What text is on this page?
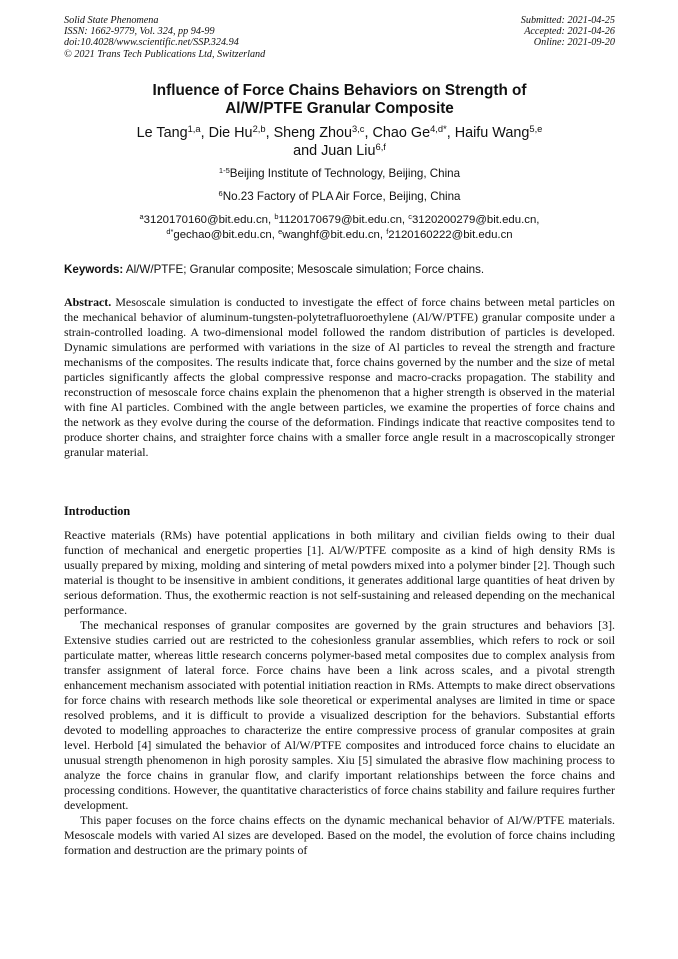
Solid State Phenomena
ISSN: 1662-9779, Vol. 324, pp 94-99
doi:10.4028/www.scientific.net/SSP.324.94
© 2021 Trans Tech Publications Ltd, Switzerland
Submitted: 2021-04-25
Accepted: 2021-04-26
Online: 2021-09-20
Influence of Force Chains Behaviors on Strength of
Al/W/PTFE Granular Composite
Le Tang$^{1,a}$, Die Hu$^{2,b}$, Sheng Zhou$^{3,c}$, Chao $Ge^{4,d*}$, Haifu Wang$^{5,e}$
and Juan Liu$^{6,f}$
$^{1-5}$Beijing Institute of Technology, Beijing, China
$^6$No.23 Factory of PLA Air Force, Beijing, China
$^a$3120170160@bit.edu.cn, $^b$1120170679@bit.edu.cn, $^c$3120200279@bit.edu.cn,
$^{d*}$gechao@bit.edu.cn, $^e$wanghf@bit.edu.cn, $^f$2120160222@bit.edu.cn
Keywords: Al/W/PTFE; Granular composite; Mesoscale simulation; Force chains.

Abstract. Mesoscale simulation is conducted to investigate the effect of force chains between metal particles on the mechanical behavior of aluminum-tungsten-polytetrafluoroethylene (Al/W/PTFE) granular composite under a strain-controlled loading. A two-dimensional model followed the random distribution of particles is developed. Dynamic simulations are performed with variations in the size of Al particles to reveal the strength and fracture mechanisms of the composites. The results indicate that, force chains governed by the number and the size of metal particles significantly affects the global compressive response and macro-cracks propagation. The stability and reconstruction of mesoscale force chains explain the phenomenon that a higher strength is observed in the material with fine Al particles. Combined with the angle between particles, we examine the properties of force chains and the network as they evolve during the course of the deformation. Findings indicate that reactive composites tend to produce shorter chains, and straighter force chains with a smaller force angle result in a macroscopically stronger granular material.

Introduction

Reactive materials (RMs) have potential applications in both military and civilian fields owing to their dual function of mechanical and energetic properties [1]. Al/W/PTFE composite as a kind of high density RMs is usually prepared by mixing, molding and sintering of metal powders mixed into a polymer binder [2]. Though such material is thought to be insensitive in ambient conditions, it generates additional large quantities of heat driven by serious deformation. Thus, the exothermic reaction is not self-sustaining and released depending on the mechanical performance.

The mechanical responses of granular composites are governed by the grain structures and behaviors [3]. Extensive studies carried out are restricted to the cohesionless granular assemblies, which refers to rock or soil particulate matter, whereas little research concerns polymer-based metal composites due to complex analysis from transfer assignment of lateral force. Force chains have been a link across scales, and a pivotal strength enhancement mechanism associated with potential initiation reaction in RMs. Attempts to make direct observations for force chains with research methods like sole theoretical or experimental analyses are limited in time or space resolved problems, and it is difficult to provide a visualized description for the behaviors. Substantial efforts devoted to modelling approaches to characterize the entire compressive process of granular composites at grain level. Herbold [4] simulated the behavior of Al/W/PTFE composites and introduced force chains to elucidate an unusual strength phenomenon in high porosity samples. Xiu [5] simulated the abrasive flow machining process to analyze the force chains in granular flow, and clarify important relationships between the force chains and processing conditions. However, the quantitative characteristics of force chains stability and failure requires further development.

This paper focuses on the force chains effects on the dynamic mechanical behavior of Al/W/PTFE materials. Mesoscale models with varied Al sizes are developed. Based on the model, the evolution of force chains including formation and destruction are the primary points of
